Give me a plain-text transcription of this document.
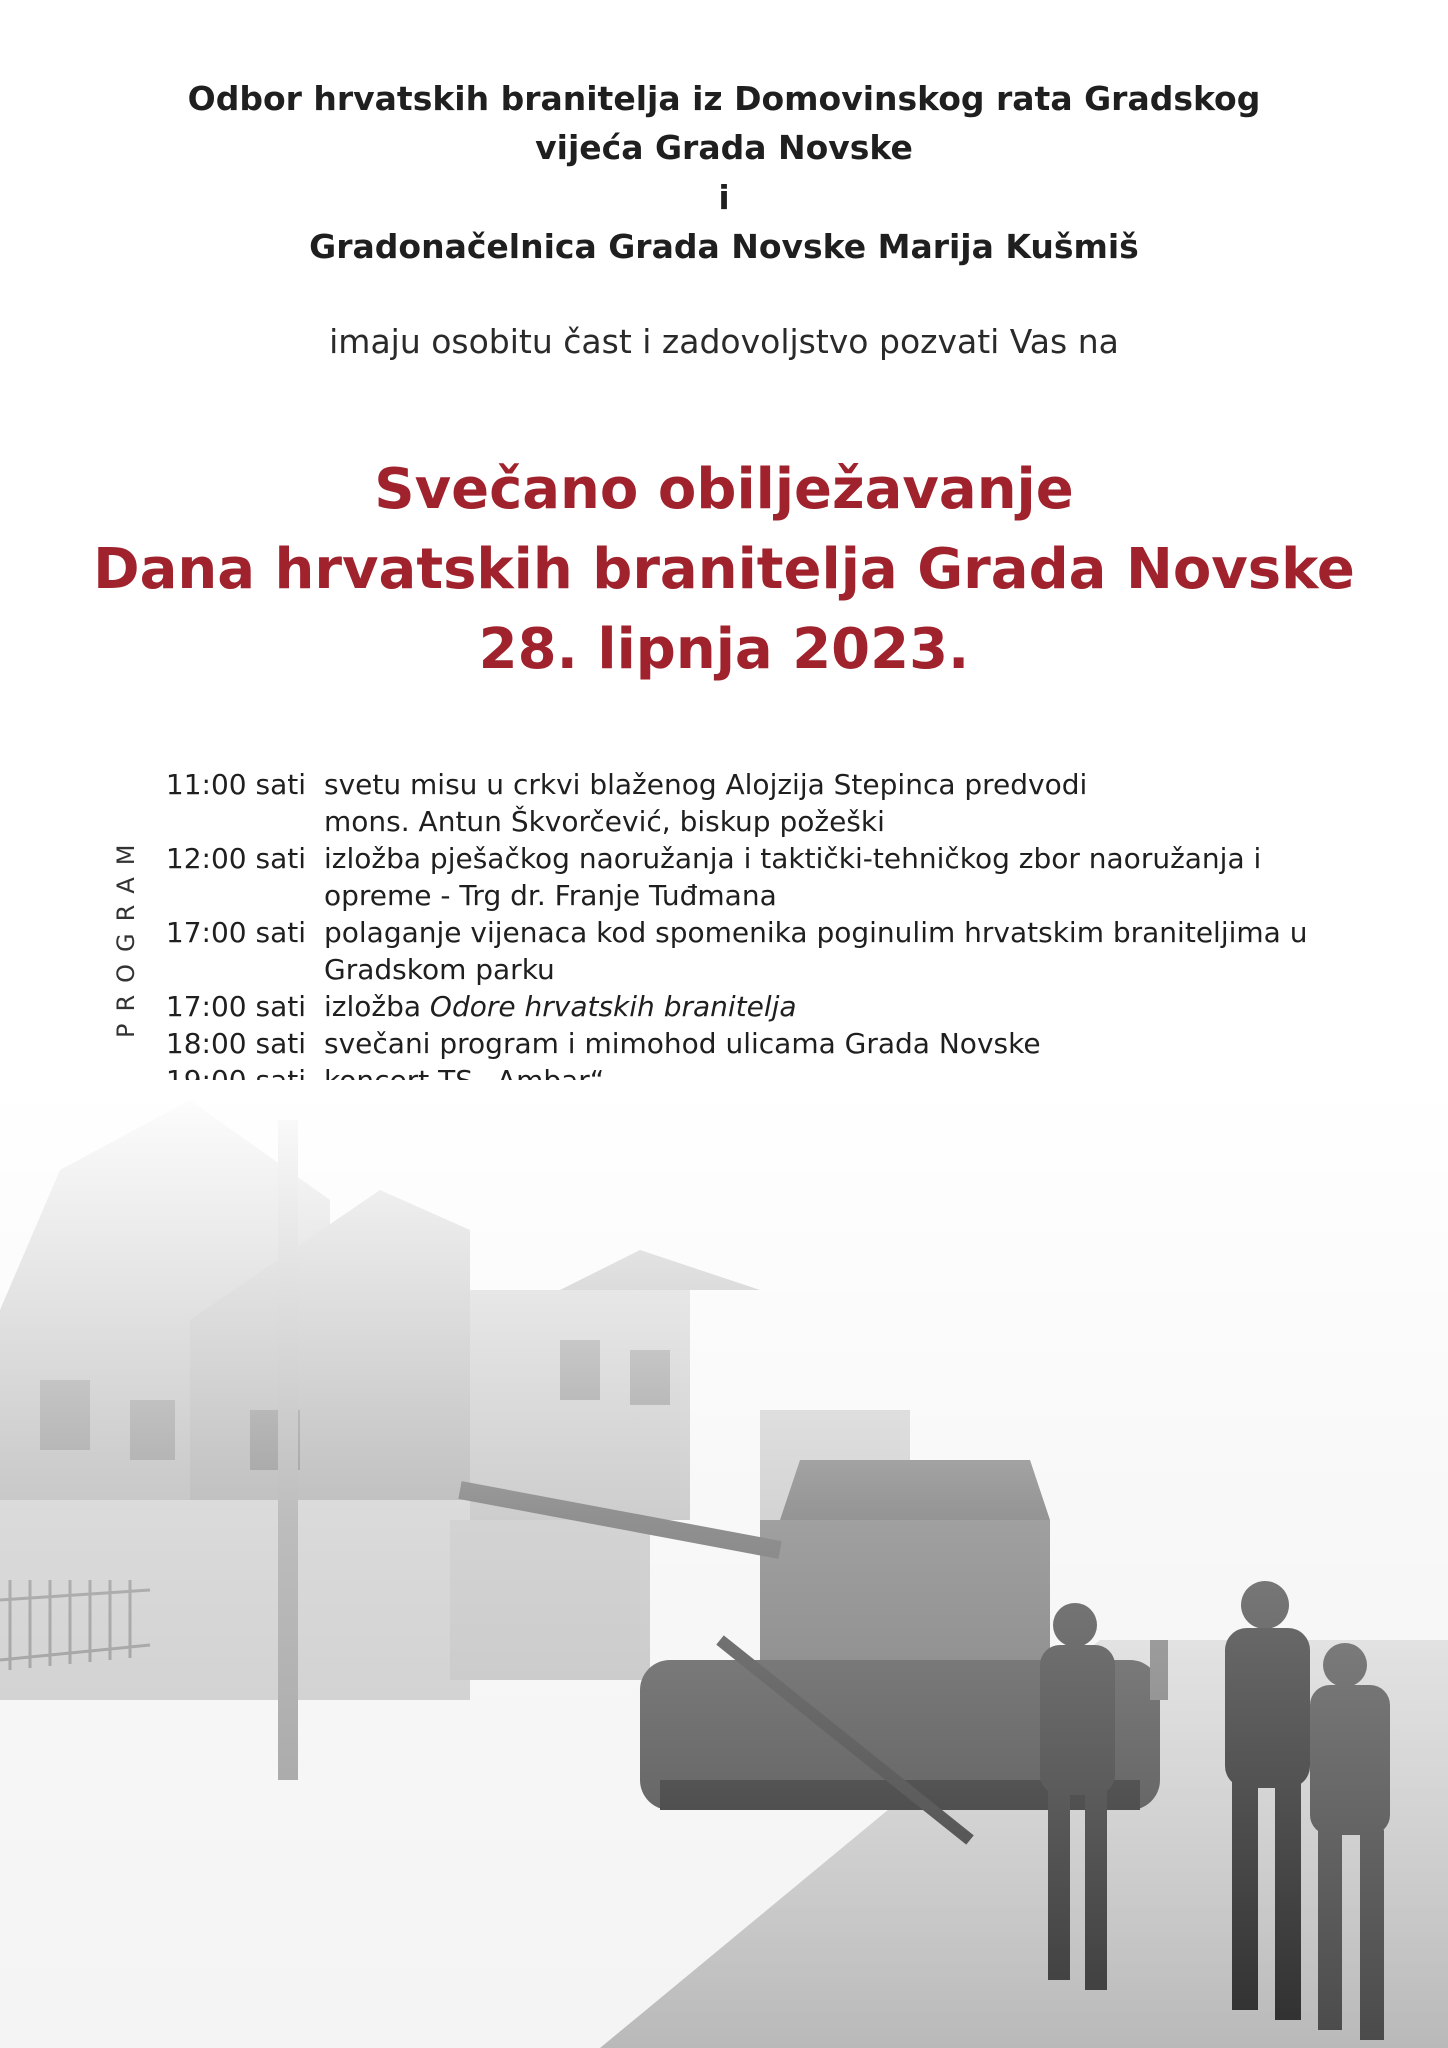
Odbor hrvatskih branitelja iz Domovinskog rata Gradskog
vijeća Grada Novske
i
Gradonačelnica Grada Novske Marija Kušmiš
imaju osobitu čast i zadovoljstvo pozvati Vas na
Svečano obilježavanje
Dana hrvatskih branitelja Grada Novske
28. lipnja 2023.
PROGRAM
11:00 sati svetu misu u crkvi blaženog Alojzija Stepinca predvodi
mons. Antun Škvorčević, biskup požeški
12:00 sati izložba pješačkog naoružanja i taktički-tehničkog zbor naoružanja i
opreme - Trg dr. Franje Tuđmana
17:00 sati polaganje vijenaca kod spomenika poginulim hrvatskim braniteljima u
Gradskom parku
17:00 sati izložba Odore hrvatskih branitelja
18:00 sati svečani program i mimohod ulicama Grada Novske
